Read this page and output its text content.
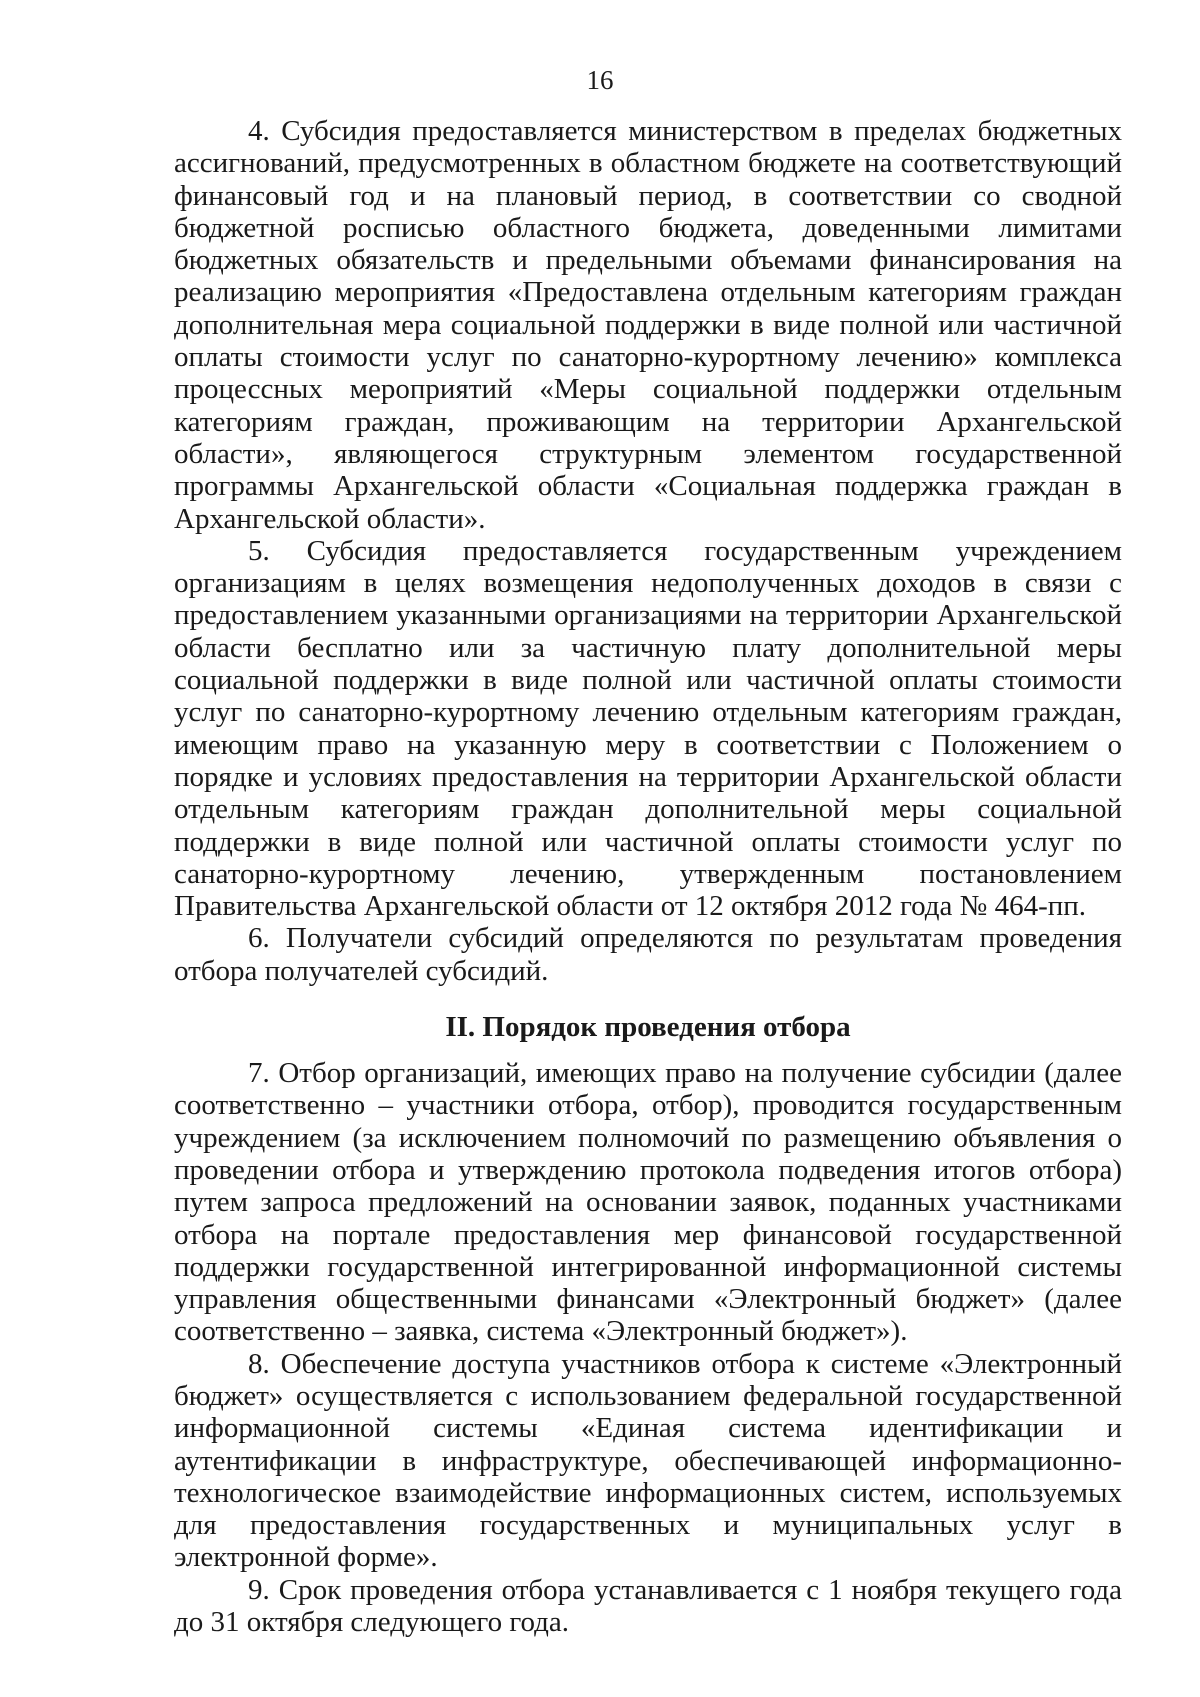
16

4. Субсидия предоставляется министерством в пределах бюджетных ассигнований, предусмотренных в областном бюджете на соответствующий финансовый год и на плановый период, в соответствии со сводной бюджетной росписью областного бюджета, доведенными лимитами бюджетных обязательств и предельными объемами финансирования на реализацию мероприятия «Предоставлена отдельным категориям граждан дополнительная мера социальной поддержки в виде полной или частичной оплаты стоимости услуг по санаторно-курортному лечению» комплекса процессных мероприятий «Меры социальной поддержки отдельным категориям граждан, проживающим на территории Архангельской области», являющегося структурным элементом государственной программы Архангельской области «Социальная поддержка граждан в Архангельской области».

5. Субсидия предоставляется государственным учреждением организациям в целях возмещения недополученных доходов в связи с предоставлением указанными организациями на территории Архангельской области бесплатно или за частичную плату дополнительной меры социальной поддержки в виде полной или частичной оплаты стоимости услуг по санаторно-курортному лечению отдельным категориям граждан, имеющим право на указанную меру в соответствии с Положением о порядке и условиях предоставления на территории Архангельской области отдельным категориям граждан дополнительной меры социальной поддержки в виде полной или частичной оплаты стоимости услуг по санаторно-курортному лечению, утвержденным постановлением Правительства Архангельской области от 12 октября 2012 года № 464-пп.

6. Получатели субсидий определяются по результатам проведения отбора получателей субсидий.

II. Порядок проведения отбора

7. Отбор организаций, имеющих право на получение субсидии (далее соответственно – участники отбора, отбор), проводится государственным учреждением (за исключением полномочий по размещению объявления о проведении отбора и утверждению протокола подведения итогов отбора) путем запроса предложений на основании заявок, поданных участниками отбора на портале предоставления мер финансовой государственной поддержки государственной интегрированной информационной системы управления общественными финансами «Электронный бюджет» (далее соответственно – заявка, система «Электронный бюджет»).

8. Обеспечение доступа участников отбора к системе «Электронный бюджет» осуществляется с использованием федеральной государственной информационной системы «Единая система идентификации и аутентификации в инфраструктуре, обеспечивающей информационно-технологическое взаимодействие информационных систем, используемых для предоставления государственных и муниципальных услуг в электронной форме».

9. Срок проведения отбора устанавливается с 1 ноября текущего года до 31 октября следующего года.
